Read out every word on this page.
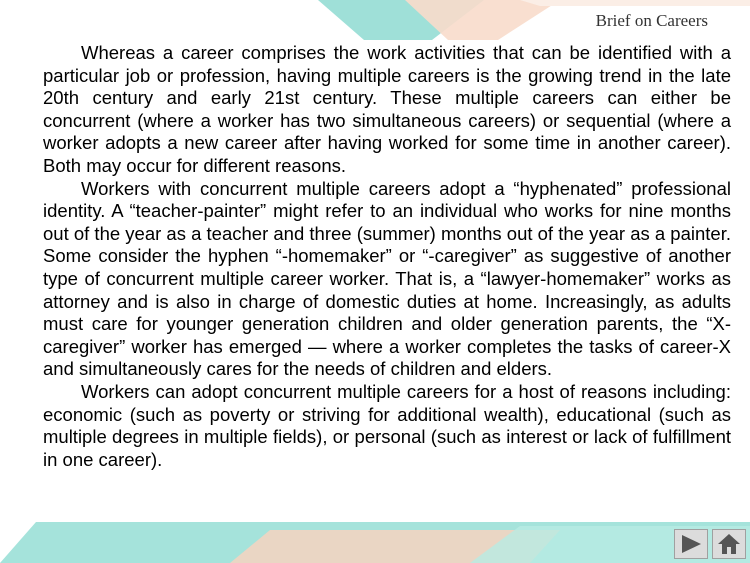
Brief on Careers

Whereas a career comprises the work activities that can be identified with a particular job or profession, having multiple careers is the growing trend in the late 20th century and early 21st century. These multiple careers can either be concurrent (where a worker has two simultaneous careers) or sequential (where a worker adopts a new career after having worked for some time in another career). Both may occur for different reasons.

Workers with concurrent multiple careers adopt a “hyphenated” professional identity. A “teacher-painter” might refer to an individual who works for nine months out of the year as a teacher and three (summer) months out of the year as a painter. Some consider the hyphen “-homemaker” or “-caregiver” as suggestive of another type of concurrent multiple career worker. That is, a “lawyer-homemaker” works as attorney and is also in charge of domestic duties at home. Increasingly, as adults must care for younger generation children and older generation parents, the “X-caregiver” worker has emerged — where a worker completes the tasks of career-X and simultaneously cares for the needs of children and elders.

Workers can adopt concurrent multiple careers for a host of reasons including: economic (such as poverty or striving for additional wealth), educational (such as multiple degrees in multiple fields), or personal (such as interest or lack of fulfillment in one career).
